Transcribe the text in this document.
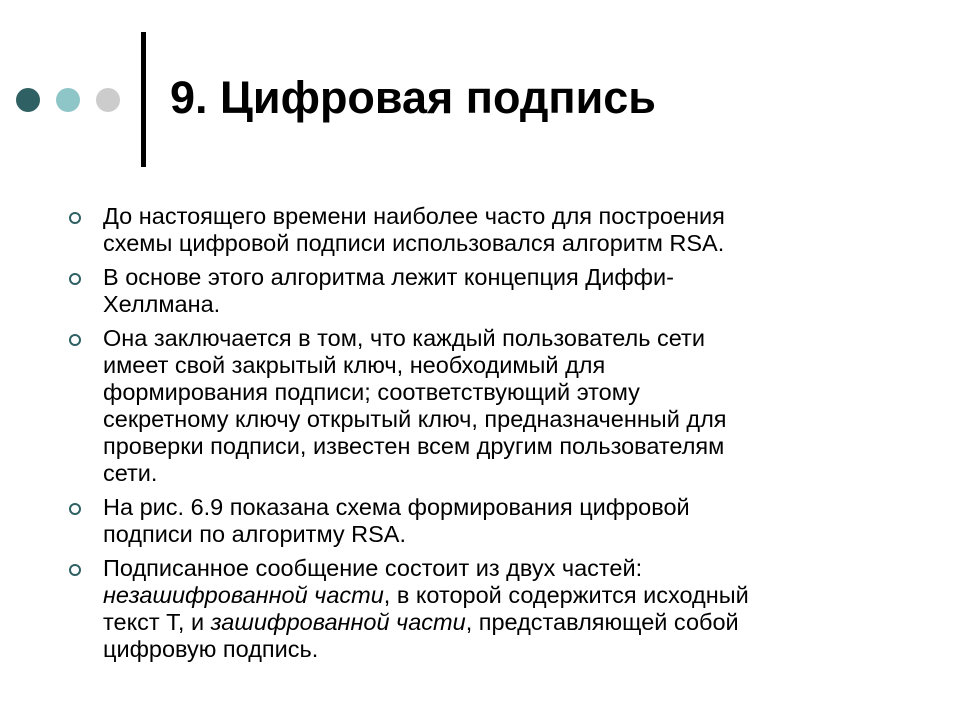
9. Цифровая подпись
До настоящего времени наиболее часто для построения
схемы цифровой подписи использовался алгоритм RSA.
В основе этого алгоритма лежит концепция Диффи-
Хеллмана.
Она заключается в том, что каждый пользователь сети
имеет свой закрытый ключ, необходимый для
формирования подписи; соответствующий этому
секретному ключу открытый ключ, предназначенный для
проверки подписи, известен всем другим пользователям
сети.
На рис. 6.9 показана схема формирования цифровой
подписи по алгоритму RSA.
Подписанное сообщение состоит из двух частей:
незашифрованной части, в которой содержится исходный
текст Т, и зашифрованной части, представляющей собой
цифровую подпись.
